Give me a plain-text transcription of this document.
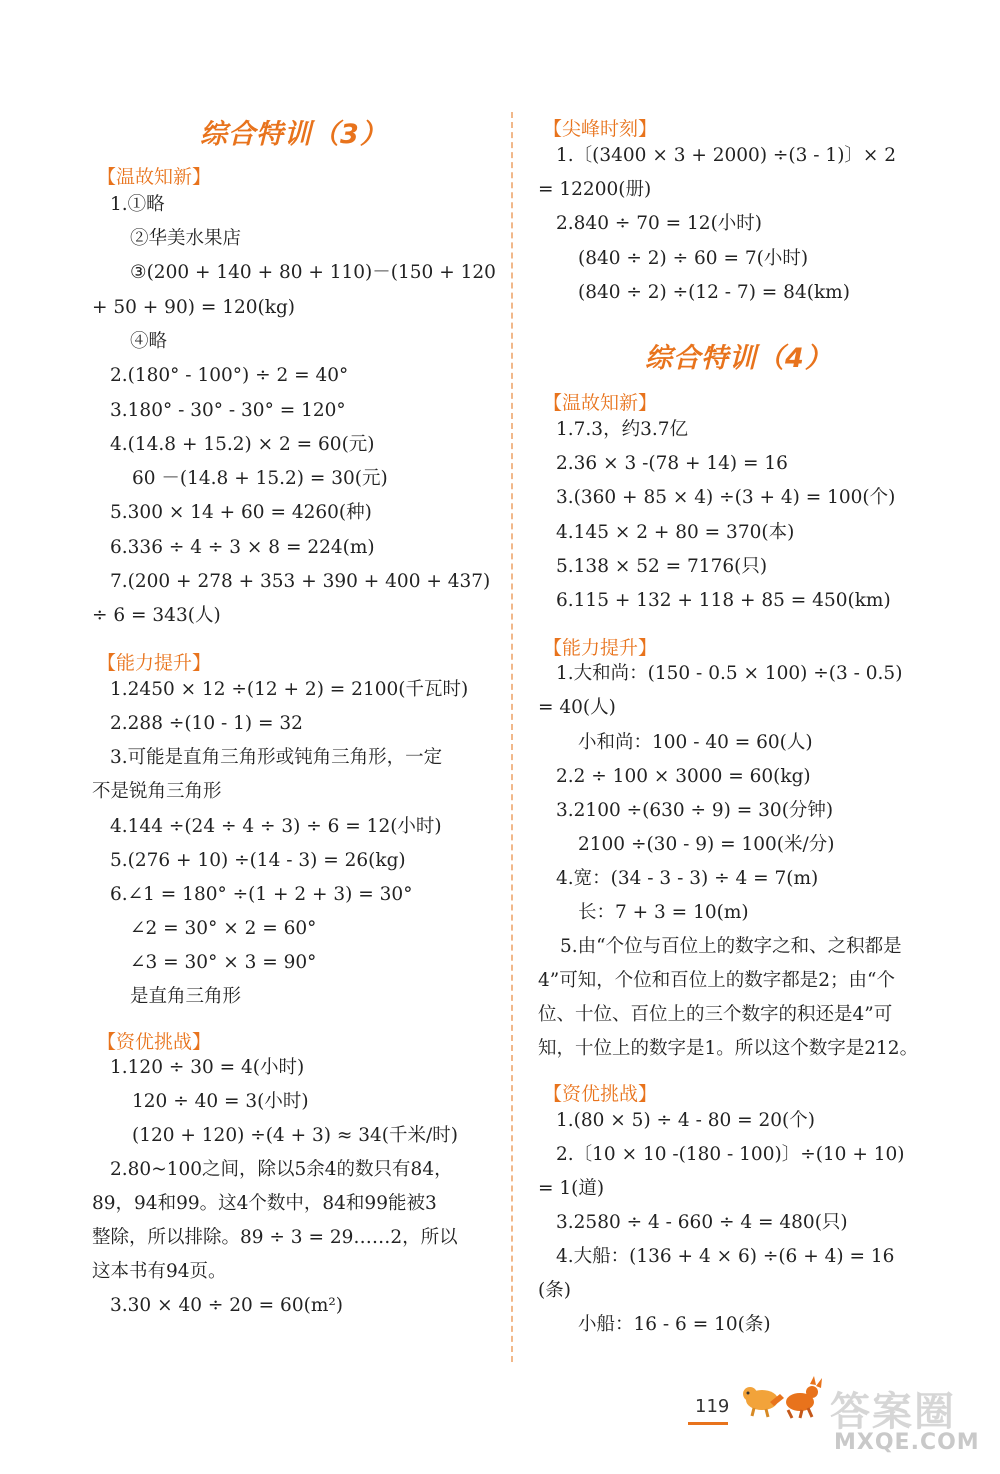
综合特训（3）
【温故知新】
1.①略
②华美水果店
③(200 + 140 + 80 + 110)－(150 + 120
+ 50 + 90) = 120(kg)
④略
2.(180° - 100°) ÷ 2 = 40°
3.180° - 30° - 30° = 120°
4.(14.8 + 15.2) × 2 = 60(元)
60 －(14.8 + 15.2) = 30(元)
5.300 × 14 + 60 = 4260(种)
6.336 ÷ 4 ÷ 3 × 8 = 224(m)
7.(200 + 278 + 353 + 390 + 400 + 437)
÷ 6 = 343(人)
【能力提升】
1.2450 × 12 ÷(12 + 2) = 2100(千瓦时)
2.288 ÷(10 - 1) = 32
3.可能是直角三角形或钝角三角形，一定
不是锐角三角形
4.144 ÷(24 ÷ 4 ÷ 3) ÷ 6 = 12(小时)
5.(276 + 10) ÷(14 - 3) = 26(kg)
6.∠1 = 180° ÷(1 + 2 + 3) = 30°
∠2 = 30° × 2 = 60°
∠3 = 30° × 3 = 90°
是直角三角形
【资优挑战】
1.120 ÷ 30 = 4(小时)
120 ÷ 40 = 3(小时)
(120 + 120) ÷(4 + 3) ≈ 34(千米/时)
2.80~100之间，除以5余4的数只有84，
89，94和99。这4个数中，84和99能被3
整除，所以排除。89 ÷ 3 = 29……2，所以
这本书有94页。
3.30 × 40 ÷ 20 = 60(m²)
【尖峰时刻】
1.〔(3400 × 3 + 2000) ÷(3 - 1)〕× 2
= 12200(册)
2.840 ÷ 70 = 12(小时)
(840 ÷ 2) ÷ 60 = 7(小时)
(840 ÷ 2) ÷(12 - 7) = 84(km)
综合特训（4）
【温故知新】
1.7.3，约3.7亿
2.36 × 3 -(78 + 14) = 16
3.(360 + 85 × 4) ÷(3 + 4) = 100(个)
4.145 × 2 + 80 = 370(本)
5.138 × 52 = 7176(只)
6.115 + 132 + 118 + 85 = 450(km)
【能力提升】
1.大和尚：(150 - 0.5 × 100) ÷(3 - 0.5)
= 40(人)
小和尚：100 - 40 = 60(人)
2.2 ÷ 100 × 3000 = 60(kg)
3.2100 ÷(630 ÷ 9) = 30(分钟)
2100 ÷(30 - 9) = 100(米/分)
4.宽：(34 - 3 - 3) ÷ 4 = 7(m)
长：7 + 3 = 10(m)
5.由“个位与百位上的数字之和、之积都是
4”可知，个位和百位上的数字都是2；由“个
位、十位、百位上的三个数字的积还是4”可
知，十位上的数字是1。所以这个数字是212。
【资优挑战】
1.(80 × 5) ÷ 4 - 80 = 20(个)
2.〔10 × 10 -(180 - 100)〕÷(10 + 10)
= 1(道)
3.2580 ÷ 4 - 660 ÷ 4 = 480(只)
4.大船：(136 + 4 × 6) ÷(6 + 4) = 16
(条)
小船：16 - 6 = 10(条)
119	答案圈
MXQE.COM
